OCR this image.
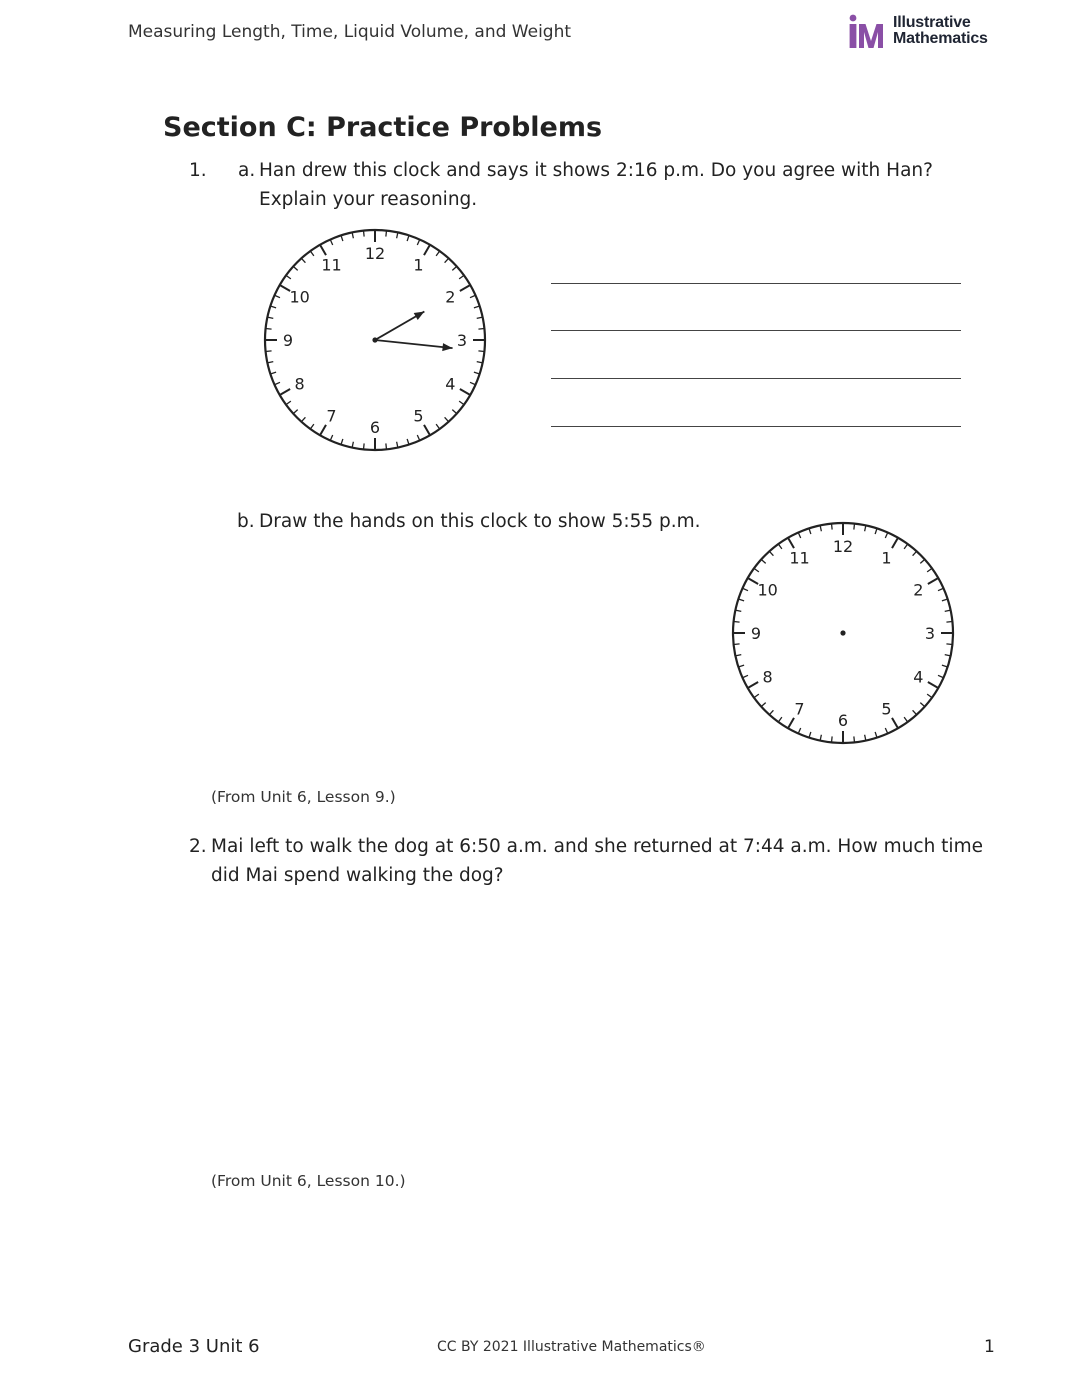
Measuring Length, Time, Liquid Volume, and Weight	Illustrative
Mathematics
Section C: Practice Problems
1. a. Han drew this clock and says it shows 2:16 p.m. Do you agree with Han?
Explain your reasoning.
12
1
2
3
4
5
6
7
8
9
10
11
b. Draw the hands on this clock to show 5:55 p.m.
12
1
2
3
4
5
6
7
8
9
10
11
(From Unit 6, Lesson 9.)
2. Mai left to walk the dog at 6:50 a.m. and she returned at 7:44 a.m. How much time
did Mai spend walking the dog?
(From Unit 6, Lesson 10.)
Grade 3 Unit 6	CC BY 2021 Illustrative Mathematics®	1
